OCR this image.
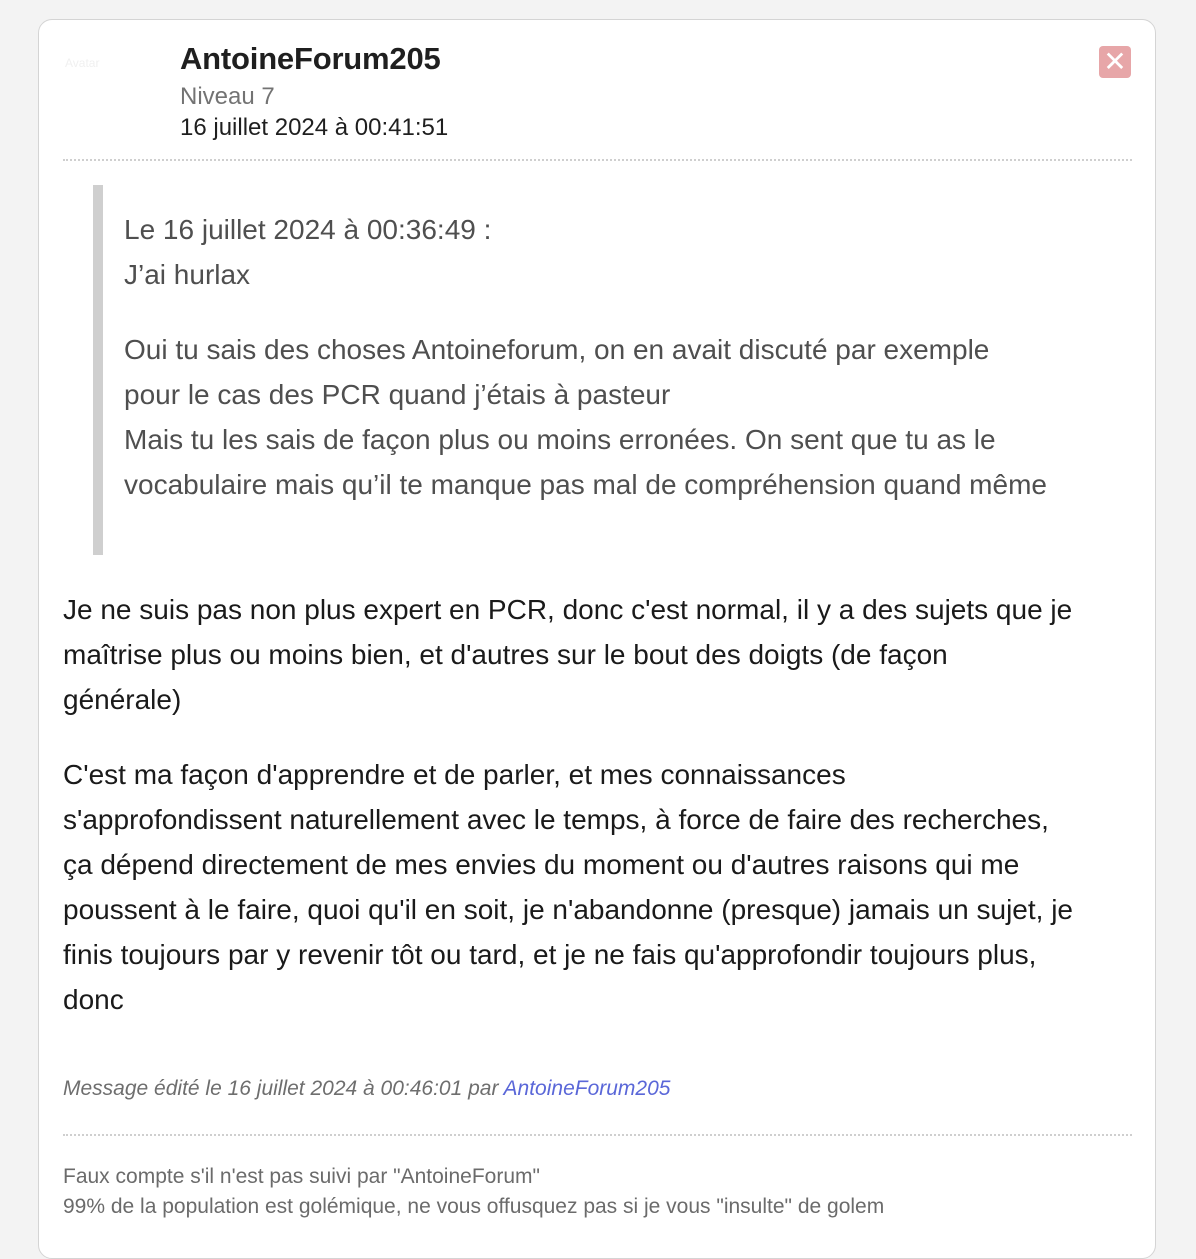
Avatar	AntoineForum205
Niveau 7
16 juillet 2024 à 00:41:51
✕

Le 16 juillet 2024 à 00:36:49 :

J’ai hurlax

Oui tu sais des choses Antoineforum, on en avait discuté par exemple

pour le cas des PCR quand j’étais à pasteur

Mais tu les sais de façon plus ou moins erronées. On sent que tu as le

vocabulaire mais qu’il te manque pas mal de compréhension quand même

Je ne suis pas non plus expert en PCR, donc c'est normal, il y a des sujets que je
maîtrise plus ou moins bien, et d'autres sur le bout des doigts (de façon
générale)

C'est ma façon d'apprendre et de parler, et mes connaissances
s'approfondissent naturellement avec le temps, à force de faire des recherches,
ça dépend directement de mes envies du moment ou d'autres raisons qui me
poussent à le faire, quoi qu'il en soit, je n'abandonne (presque) jamais un sujet, je
finis toujours par y revenir tôt ou tard, et je ne fais qu'approfondir toujours plus,
donc

Message édité le 16 juillet 2024 à 00:46:01 par AntoineForum205
Faux compte s'il n'est pas suivi par "AntoineForum"
99% de la population est golémique, ne vous offusquez pas si je vous "insulte" de golem
